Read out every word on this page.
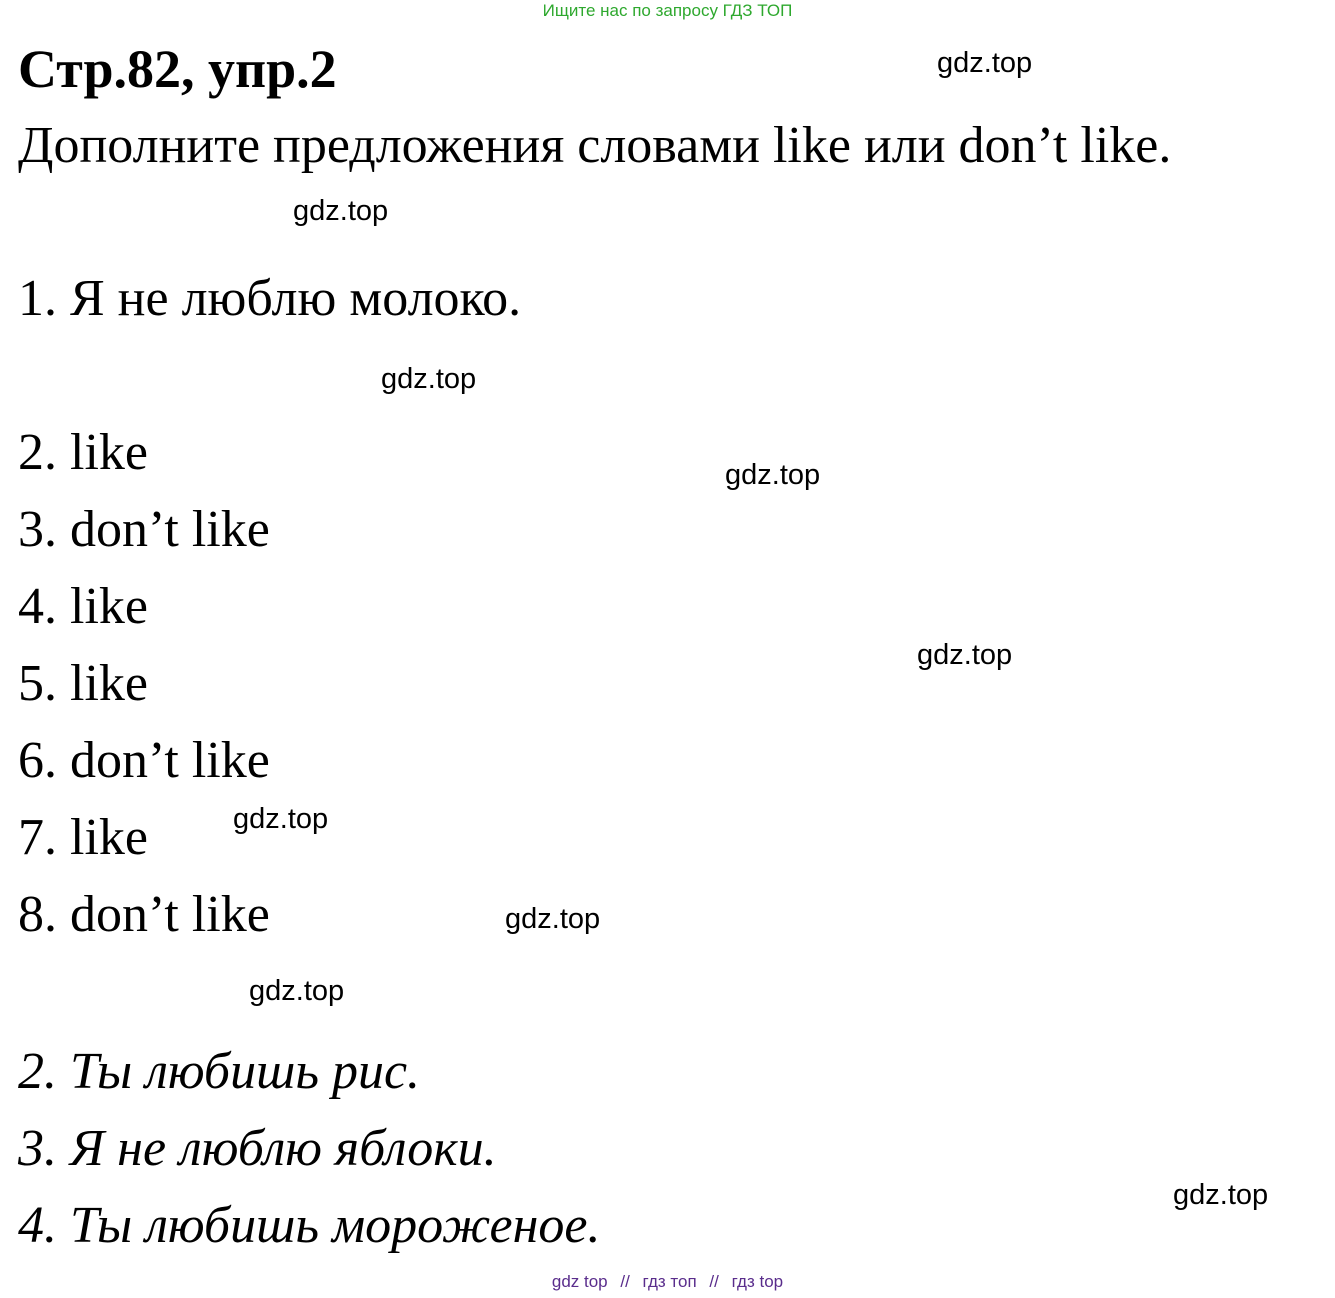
Ищите нас по запросу ГДЗ ТОП
Стр.82, упр.2
Дополните предложения словами like или don’t like.
1. Я не люблю молоко.
2. like
3. don’t like
4. like
5. like
6. don’t like
7. like
8. don’t like
2. Ты любишь рис.
3. Я не люблю яблоки.
4. Ты любишь мороженое.
gdz.top
gdz.top
gdz.top
gdz.top
gdz.top
gdz.top
gdz.top
gdz.top
gdz.top
gdz top // гдз топ // гдз top
